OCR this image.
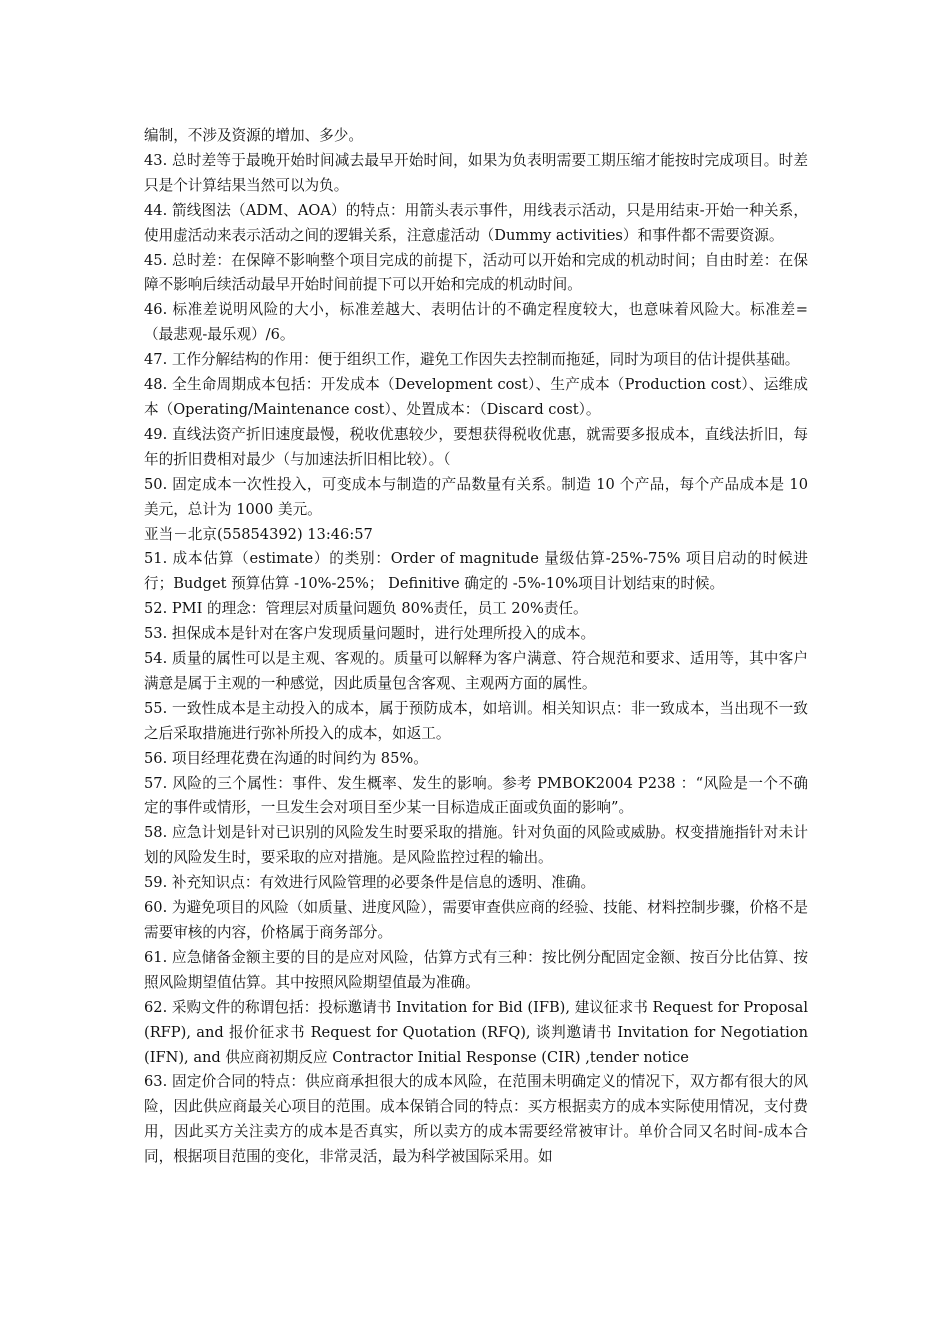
编制，不涉及资源的增加、多少。

43. 总时差等于最晚开始时间减去最早开始时间，如果为负表明需要工期压缩才能按时完成项目。时差只是个计算结果当然可以为负。

44. 箭线图法（ADM、AOA）的特点：用箭头表示事件，用线表示活动，只是用结束-开始一种关系，使用虚活动来表示活动之间的逻辑关系，注意虚活动（Dummy activities）和事件都不需要资源。

45. 总时差：在保障不影响整个项目完成的前提下，活动可以开始和完成的机动时间；自由时差：在保障不影响后续活动最早开始时间前提下可以开始和完成的机动时间。

46. 标准差说明风险的大小，标准差越大、表明估计的不确定程度较大，也意味着风险大。标准差=（最悲观-最乐观）/6。

47. 工作分解结构的作用：便于组织工作，避免工作因失去控制而拖延，同时为项目的估计提供基础。

48. 全生命周期成本包括：开发成本（Development cost）、生产成本（Production cost）、运维成本（Operating/Maintenance cost）、处置成本：（Discard cost）。

49. 直线法资产折旧速度最慢，税收优惠较少，要想获得税收优惠，就需要多报成本，直线法折旧，每年的折旧费相对最少（与加速法折旧相比较）。（

50. 固定成本一次性投入，可变成本与制造的产品数量有关系。制造 10 个产品，每个产品成本是 10 美元，总计为 1000 美元。

亚当－北京(55854392) 13:46:57

51. 成本估算（estimate）的类别：Order of magnitude 量级估算-25%-75% 项目启动的时候进行；Budget 预算估算 -10%-25%； Definitive 确定的 -5%-10%项目计划结束的时候。

52. PMI 的理念：管理层对质量问题负 80%责任，员工 20%责任。

53. 担保成本是针对在客户发现质量问题时，进行处理所投入的成本。

54. 质量的属性可以是主观、客观的。质量可以解释为客户满意、符合规范和要求、适用等，其中客户满意是属于主观的一种感觉，因此质量包含客观、主观两方面的属性。

55. 一致性成本是主动投入的成本，属于预防成本，如培训。相关知识点：非一致成本，当出现不一致之后采取措施进行弥补所投入的成本，如返工。

56. 项目经理花费在沟通的时间约为 85%。

57. 风险的三个属性：事件、发生概率、发生的影响。参考 PMBOK2004 P238 ：“风险是一个不确定的事件或情形，一旦发生会对项目至少某一目标造成正面或负面的影响”。

58. 应急计划是针对已识别的风险发生时要采取的措施。针对负面的风险或威胁。权变措施指针对未计划的风险发生时，要采取的应对措施。是风险监控过程的输出。

59. 补充知识点：有效进行风险管理的必要条件是信息的透明、准确。

60. 为避免项目的风险（如质量、进度风险），需要审查供应商的经验、技能、材料控制步骤，价格不是需要审核的内容，价格属于商务部分。

61. 应急储备金额主要的目的是应对风险，估算方式有三种：按比例分配固定金额、按百分比估算、按照风险期望值估算。其中按照风险期望值最为准确。

62. 采购文件的称谓包括：投标邀请书 Invitation for Bid (IFB), 建议征求书 Request for Proposal (RFP), and 报价征求书 Request for Quotation (RFQ), 谈判邀请书 Invitation for Negotiation (IFN), and 供应商初期反应 Contractor Initial Response (CIR) ,tender notice

63. 固定价合同的特点：供应商承担很大的成本风险，在范围未明确定义的情况下，双方都有很大的风险，因此供应商最关心项目的范围。成本保销合同的特点：买方根据卖方的成本实际使用情况，支付费用，因此买方关注卖方的成本是否真实，所以卖方的成本需要经常被审计。单价合同又名时间-成本合同，根据项目范围的变化，非常灵活，最为科学被国际采用。如
